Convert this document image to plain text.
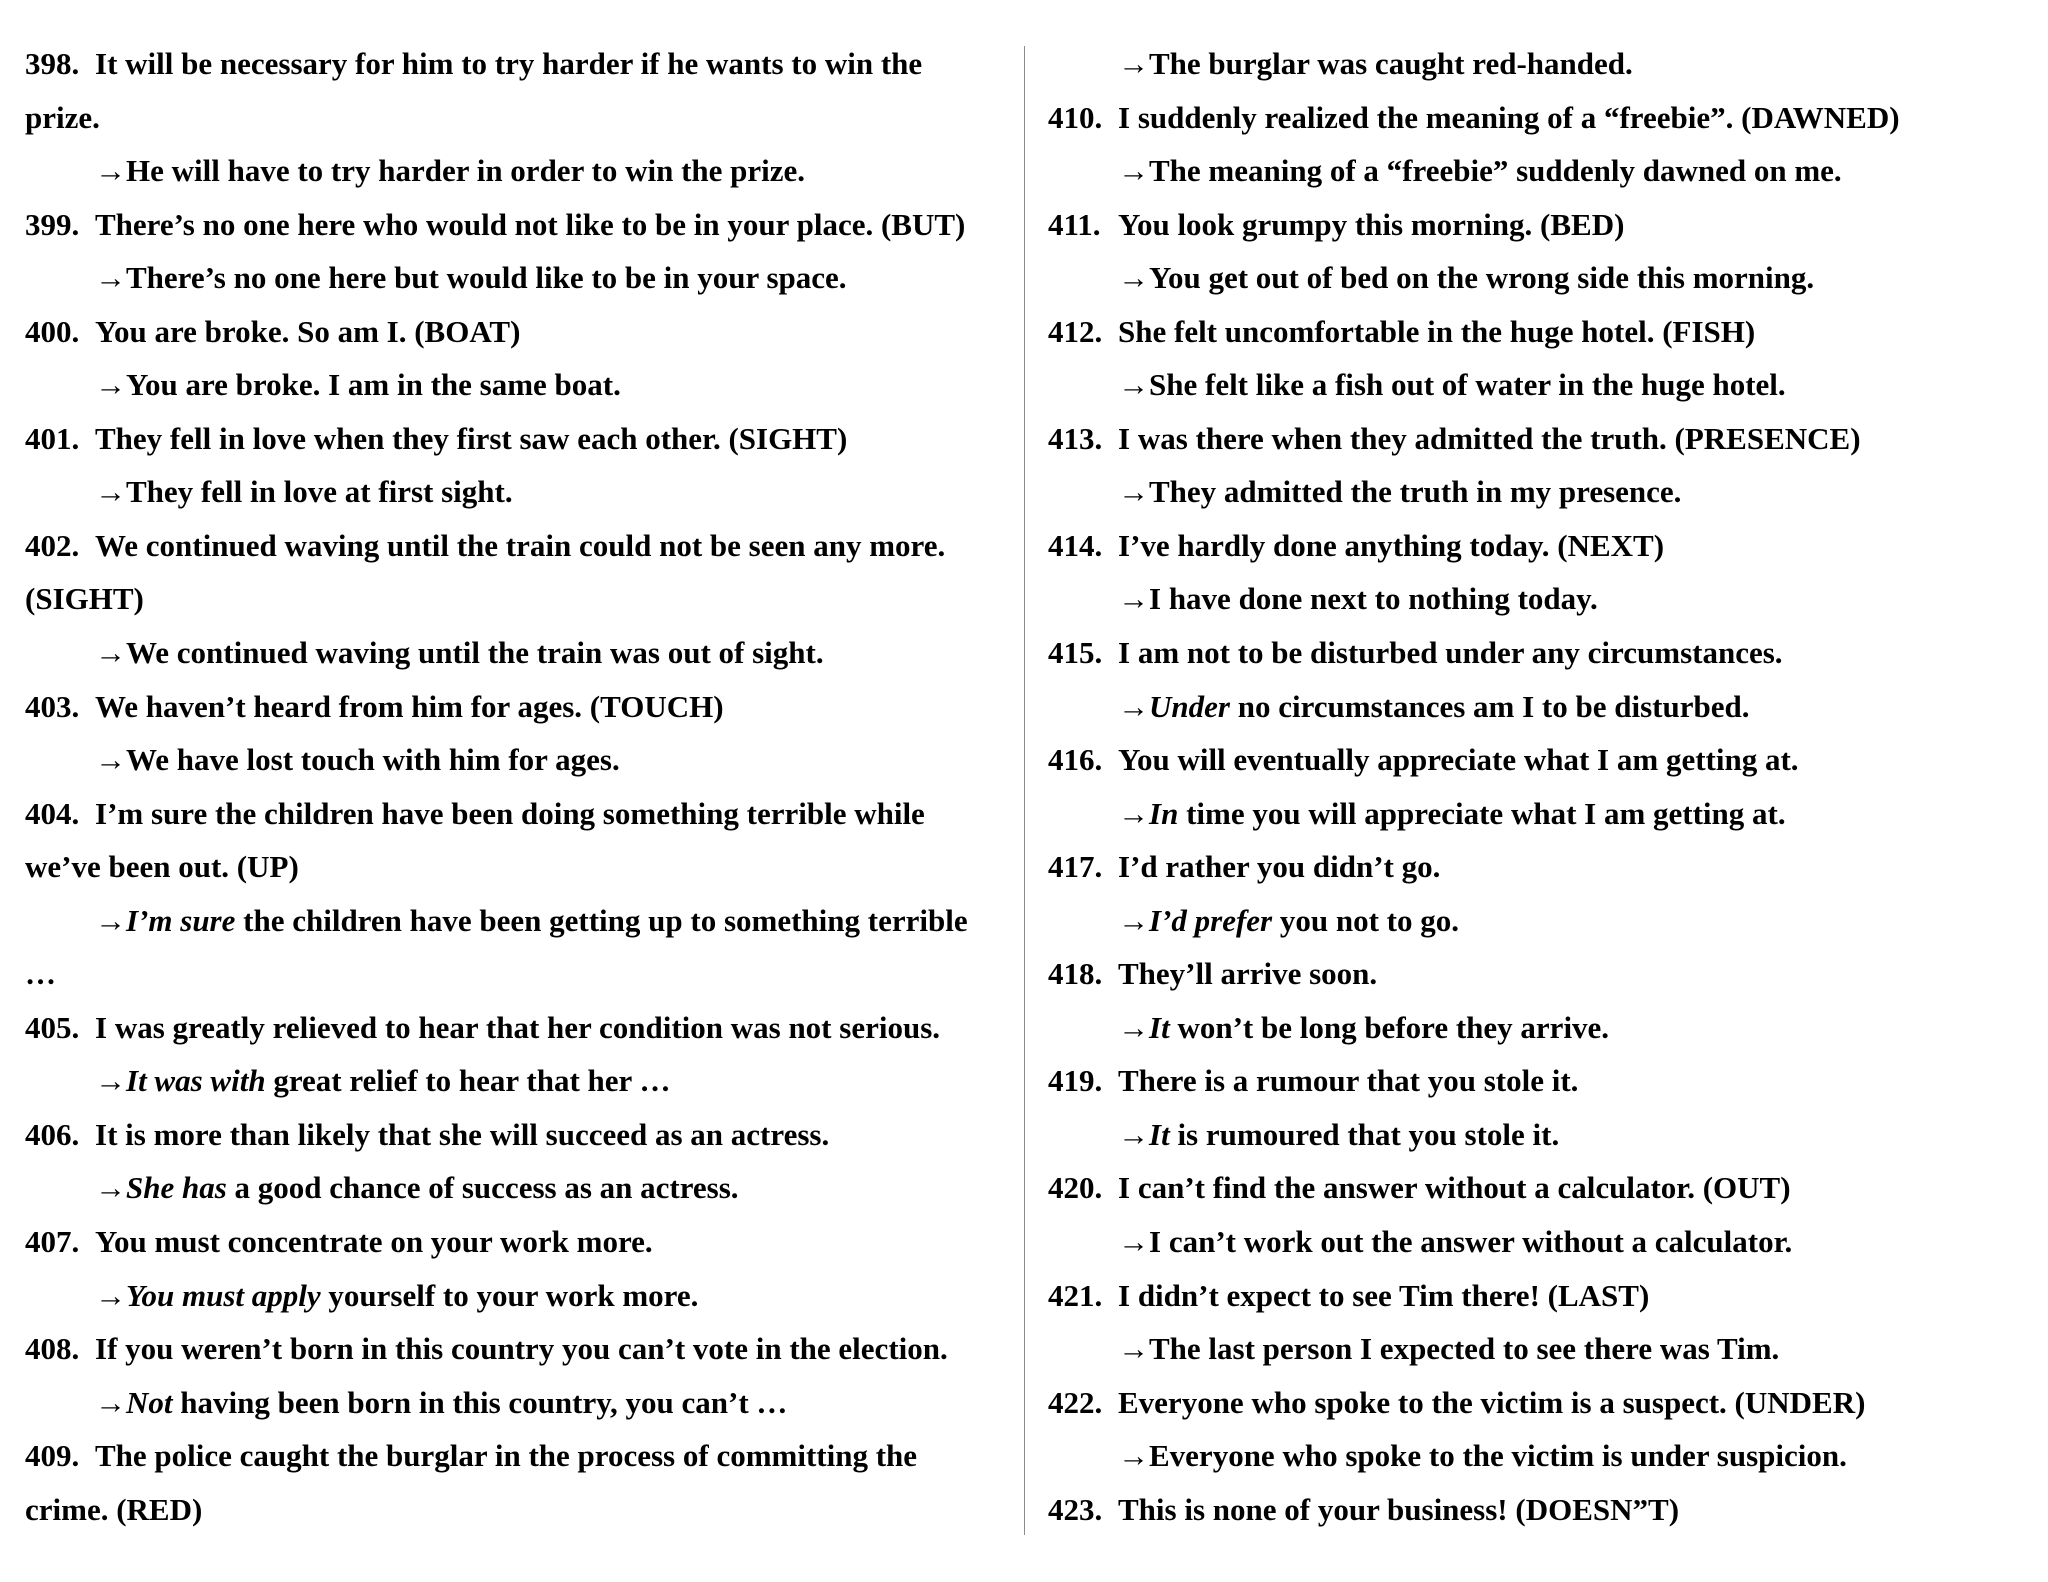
398. It will be necessary for him to try harder if he wants to win the
prize.
→He will have to try harder in order to win the prize.
399. There’s no one here who would not like to be in your place. (BUT)
→There’s no one here but would like to be in your space.
400. You are broke. So am I. (BOAT)
→You are broke. I am in the same boat.
401. They fell in love when they first saw each other. (SIGHT)
→They fell in love at first sight.
402. We continued waving until the train could not be seen any more.
(SIGHT)
→We continued waving until the train was out of sight.
403. We haven’t heard from him for ages. (TOUCH)
→We have lost touch with him for ages.
404. I’m sure the children have been doing something terrible while
we’ve been out. (UP)
→I’m sure the children have been getting up to something terrible
…
405. I was greatly relieved to hear that her condition was not serious.
→It was with great relief to hear that her …
406. It is more than likely that she will succeed as an actress.
→She has a good chance of success as an actress.
407. You must concentrate on your work more.
→You must apply yourself to your work more.
408. If you weren’t born in this country you can’t vote in the election.
→Not having been born in this country, you can’t …
409. The police caught the burglar in the process of committing the
crime. (RED)
→The burglar was caught red-handed.
410. I suddenly realized the meaning of a “freebie”. (DAWNED)
→The meaning of a “freebie” suddenly dawned on me.
411. You look grumpy this morning. (BED)
→You get out of bed on the wrong side this morning.
412. She felt uncomfortable in the huge hotel. (FISH)
→She felt like a fish out of water in the huge hotel.
413. I was there when they admitted the truth. (PRESENCE)
→They admitted the truth in my presence.
414. I’ve hardly done anything today. (NEXT)
→I have done next to nothing today.
415. I am not to be disturbed under any circumstances.
→Under no circumstances am I to be disturbed.
416. You will eventually appreciate what I am getting at.
→In time you will appreciate what I am getting at.
417. I’d rather you didn’t go.
→I’d prefer you not to go.
418. They’ll arrive soon.
→It won’t be long before they arrive.
419. There is a rumour that you stole it.
→It is rumoured that you stole it.
420. I can’t find the answer without a calculator. (OUT)
→I can’t work out the answer without a calculator.
421. I didn’t expect to see Tim there! (LAST)
→The last person I expected to see there was Tim.
422. Everyone who spoke to the victim is a suspect. (UNDER)
→Everyone who spoke to the victim is under suspicion.
423. This is none of your business! (DOESN”T)
